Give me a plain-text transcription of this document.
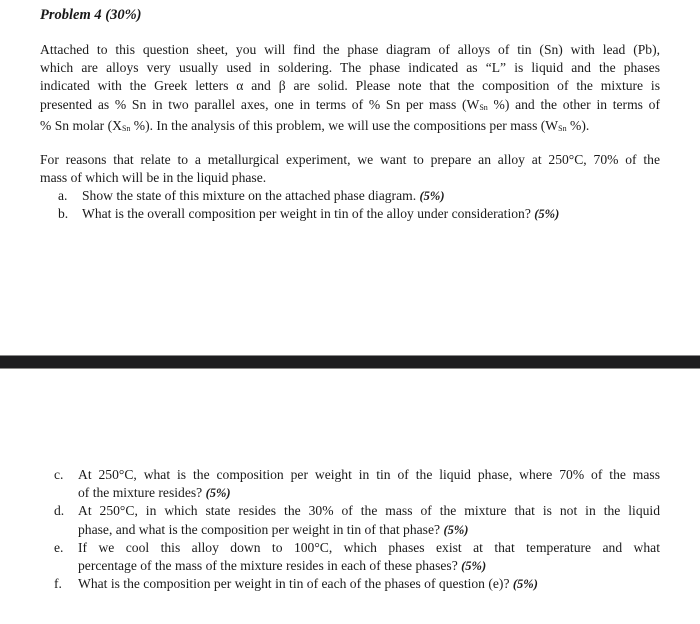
Problem 4 (30%)
Attached to this question sheet, you will find the phase diagram of alloys of tin (Sn) with lead (Pb),
which are alloys very usually used in soldering. The phase indicated as “L” is liquid and the phases
indicated with the Greek letters α and β are solid. Please note that the composition of the mixture is
presented as % Sn in two parallel axes, one in terms of % Sn per mass ($W_{Sn}$ %) and the other in terms of
% Sn molar ($X_{Sn}$ %). In the analysis of this problem, we will use the compositions per mass ($W_{Sn}$ %).
For reasons that relate to a metallurgical experiment, we want to prepare an alloy at 250°C, 70% of the
mass of which will be in the liquid phase.
a.	Show the state of this mixture on the attached phase diagram. (5%)
b.	What is the overall composition per weight in tin of the alloy under consideration? (5%)
c.	At 250°C, what is the composition per weight in tin of the liquid phase, where 70% of the mass
of the mixture resides? (5%)
d.	At 250°C, in which state resides the 30% of the mass of the mixture that is not in the liquid
phase, and what is the composition per weight in tin of that phase? (5%)
e.	If we cool this alloy down to 100°C, which phases exist at that temperature and what
percentage of the mass of the mixture resides in each of these phases? (5%)
f.	What is the composition per weight in tin of each of the phases of question (e)? (5%)
